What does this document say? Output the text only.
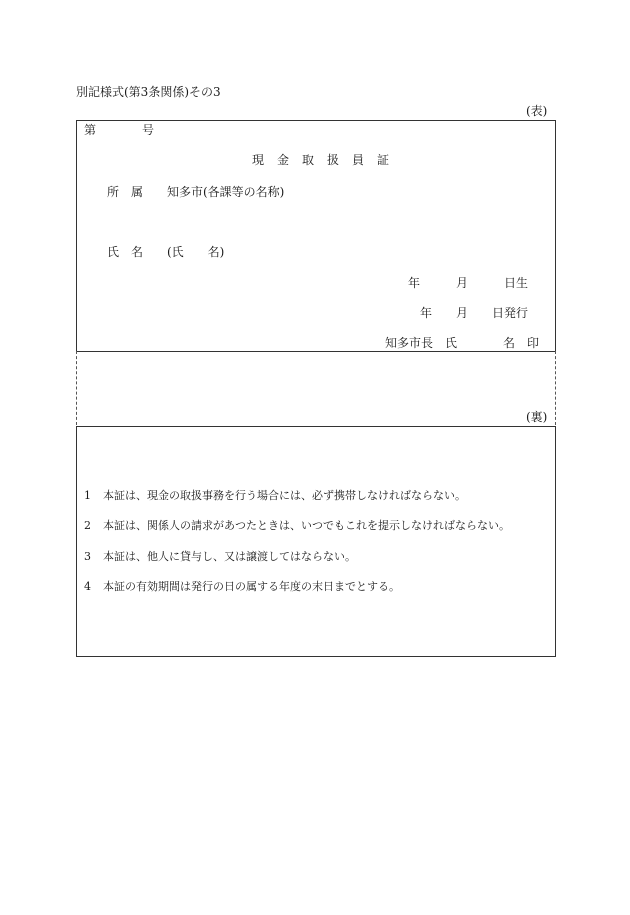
別記様式(第3条関係)その3
(表)
第	号
現金取扱員証
所　属 知多市(各課等の名称)
氏　名 (氏　　名)
年	月	日生
年 月 日発行
知多市長 氏	名 印
(裏)
1 本証は、現金の取扱事務を行う場合には、必ず携帯しなければならない。
2 本証は、関係人の請求があつたときは、いつでもこれを提示しなければならない。
3 本証は、他人に貸与し、又は譲渡してはならない。
4 本証の有効期間は発行の日の属する年度の末日までとする。
